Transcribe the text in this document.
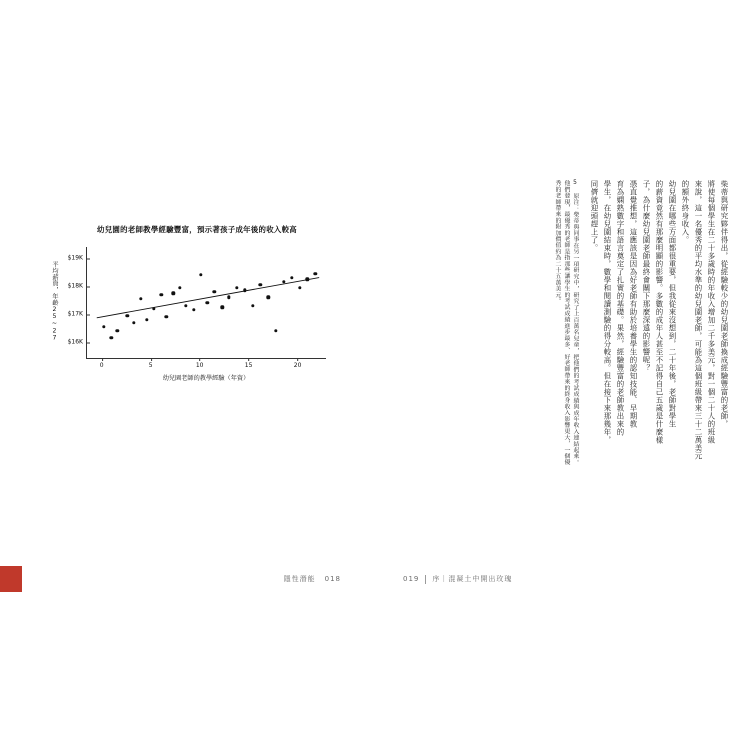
幼兒園的老師教學經驗豐富，預示著孩子成年後的收入較高
平均薪資，年齡25~27
$16K
$17K
$18K
$19K
0	5	10	15	20
幼兒園老師的教學經驗（年資）
隱性潛能 018
柴蒂與研究夥伴得出，從經驗較少的幼兒園老師換成經驗豐富的老師，
將使每個學生在二十多歲時的年收入增加二千多美元，對一個二十人的班級
來說，這一名優秀的平均水準的幼兒園老師，可能為這個班級帶來三十二萬美元
的額外終身收入。
幼兒園在哪些方面都很重要，但我從來沒想到，二十年後，老師對學生
的薪資竟然有那麼明顯的影響。多數的成年人甚至不記得自己五歲是什麼樣
子，為什麼幼兒園老師最終會關下那麼深遠的影響呢？
憑直覺推想，這應該是因為好老師有助於培養學生的認知技能、早期教
育為嫻熟數字和語言奠定了扎實的基礎。果然，經驗豐富的老師教出來的
學生，在幼兒園結束時，數學和閱讀測驗的得分較高。但在接下來那幾年，
同儕就迎頭趕上了。
5 原注：柴蒂與同事在另一項研究中，研究了上百萬名兒童，把他們的考試成績與成年收入連結起來。
他們發現，最優秀的老師是指那些讓學生的考試成績進步最多、好老師帶來的終身收入影響更大，一個優
秀的老師帶來的附加價值約為二十五萬美元。
019 序｜混凝土中開出玫瑰
